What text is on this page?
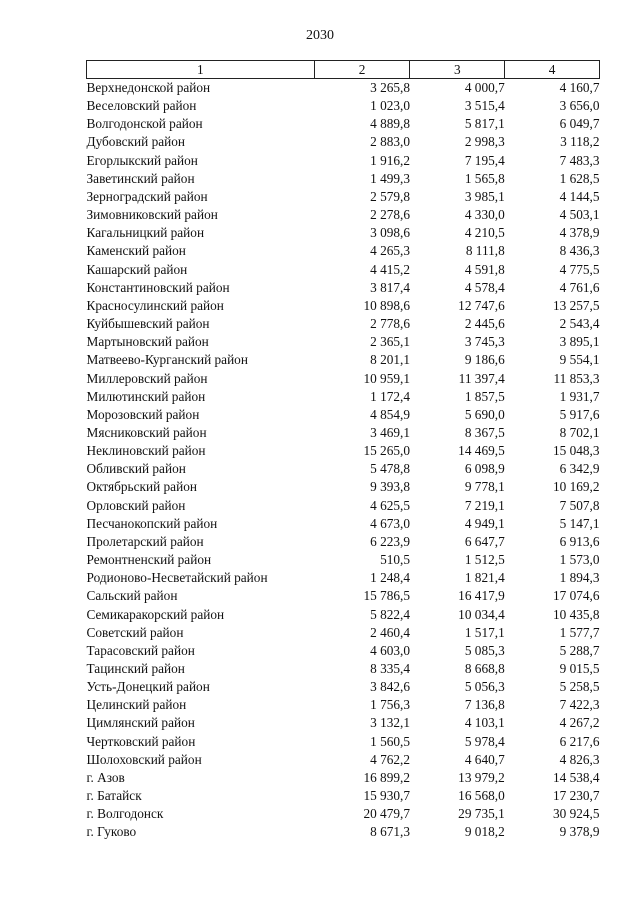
2030
1	2	3	4
Верхнедонской район	3 265,8	4 000,7	4 160,7
Веселовский район	1 023,0	3 515,4	3 656,0
Волгодонской район	4 889,8	5 817,1	6 049,7
Дубовский район	2 883,0	2 998,3	3 118,2
Егорлыкский район	1 916,2	7 195,4	7 483,3
Заветинский район	1 499,3	1 565,8	1 628,5
Зерноградский район	2 579,8	3 985,1	4 144,5
Зимовниковский район	2 278,6	4 330,0	4 503,1
Кагальницкий район	3 098,6	4 210,5	4 378,9
Каменский район	4 265,3	8 111,8	8 436,3
Кашарский район	4 415,2	4 591,8	4 775,5
Константиновский район	3 817,4	4 578,4	4 761,6
Красносулинский район	10 898,6	12 747,6	13 257,5
Куйбышевский район	2 778,6	2 445,6	2 543,4
Мартыновский район	2 365,1	3 745,3	3 895,1
Матвеево-Курганский район	8 201,1	9 186,6	9 554,1
Миллеровский район	10 959,1	11 397,4	11 853,3
Милютинский район	1 172,4	1 857,5	1 931,7
Морозовский район	4 854,9	5 690,0	5 917,6
Мясниковский район	3 469,1	8 367,5	8 702,1
Неклиновский район	15 265,0	14 469,5	15 048,3
Обливский район	5 478,8	6 098,9	6 342,9
Октябрьский район	9 393,8	9 778,1	10 169,2
Орловский район	4 625,5	7 219,1	7 507,8
Песчанокопский район	4 673,0	4 949,1	5 147,1
Пролетарский район	6 223,9	6 647,7	6 913,6
Ремонтненский район	510,5	1 512,5	1 573,0
Родионово-Несветайский район	1 248,4	1 821,4	1 894,3
Сальский район	15 786,5	16 417,9	17 074,6
Семикаракорский район	5 822,4	10 034,4	10 435,8
Советский район	2 460,4	1 517,1	1 577,7
Тарасовский район	4 603,0	5 085,3	5 288,7
Тацинский район	8 335,4	8 668,8	9 015,5
Усть-Донецкий район	3 842,6	5 056,3	5 258,5
Целинский район	1 756,3	7 136,8	7 422,3
Цимлянский район	3 132,1	4 103,1	4 267,2
Чертковский район	1 560,5	5 978,4	6 217,6
Шолоховский район	4 762,2	4 640,7	4 826,3
г. Азов	16 899,2	13 979,2	14 538,4
г. Батайск	15 930,7	16 568,0	17 230,7
г. Волгодонск	20 479,7	29 735,1	30 924,5
г. Гуково	8 671,3	9 018,2	9 378,9
